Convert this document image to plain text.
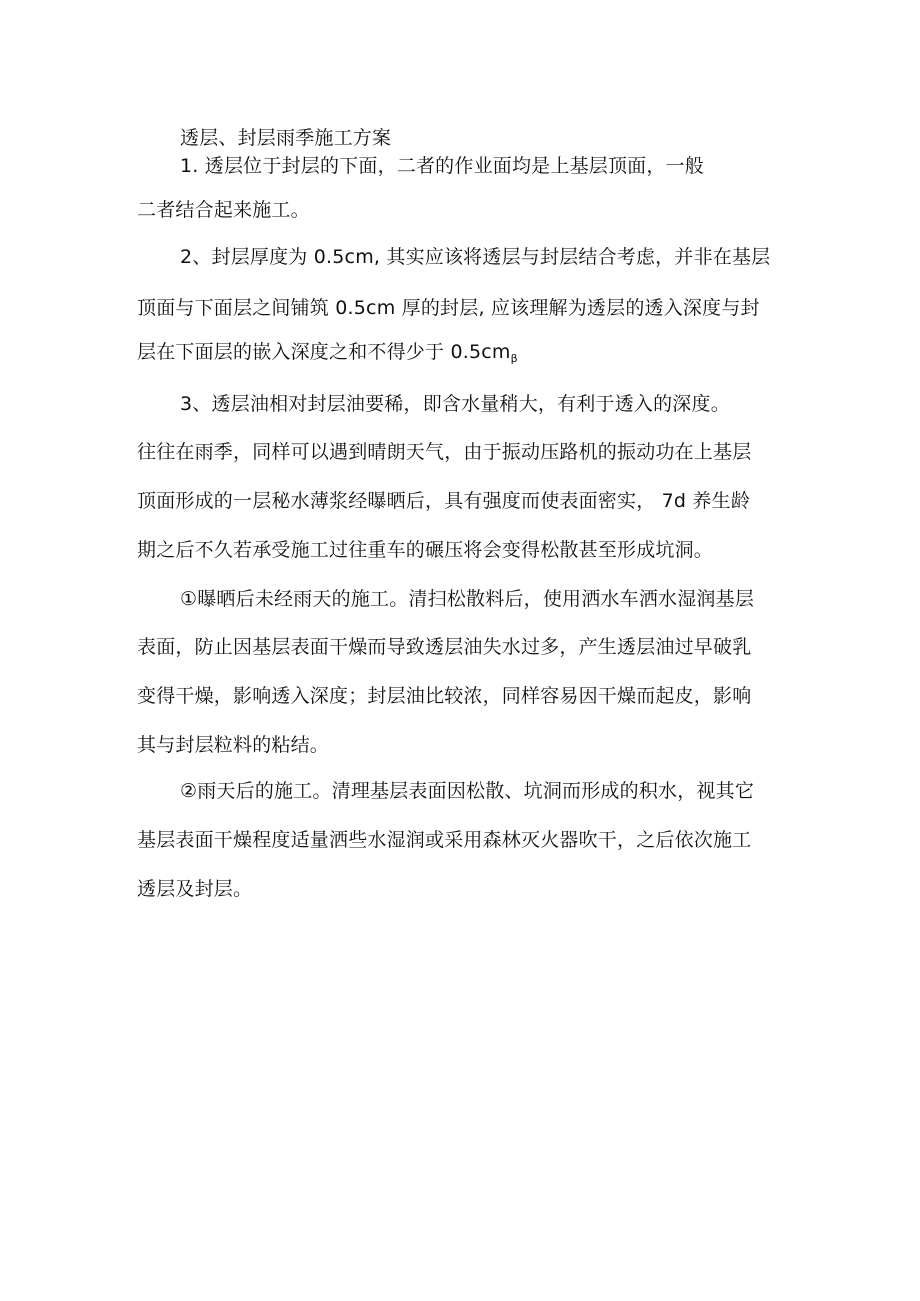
透层、封层雨季施工方案
1. 透层位于封层的下面，二者的作业面均是上基层顶面，一般
二者结合起来施工。
2、封层厚度为 0.5cm, 其实应该将透层与封层结合考虑，并非在基层
顶面与下面层之间铺筑 0.5cm 厚的封层, 应该理解为透层的透入深度与封
层在下面层的嵌入深度之和不得少于 $0.5cm_\beta$
3、透层油相对封层油要稀，即含水量稍大，有利于透入的深度。
往往在雨季，同样可以遇到晴朗天气，由于振动压路机的振动功在上基层
顶面形成的一层秘水薄浆经曝晒后，具有强度而使表面密实， 7d 养生龄
期之后不久若承受施工过往重车的碾压将会变得松散甚至形成坑洞。
①曝晒后未经雨天的施工。清扫松散料后，使用洒水车洒水湿润基层
表面，防止因基层表面干燥而导致透层油失水过多，产生透层油过早破乳
变得干燥，影响透入深度；封层油比较浓，同样容易因干燥而起皮，影响
其与封层粒料的粘结。
②雨天后的施工。清理基层表面因松散、坑洞而形成的积水，视其它
基层表面干燥程度适量洒些水湿润或采用森林灭火器吹干，之后依次施工
透层及封层。
